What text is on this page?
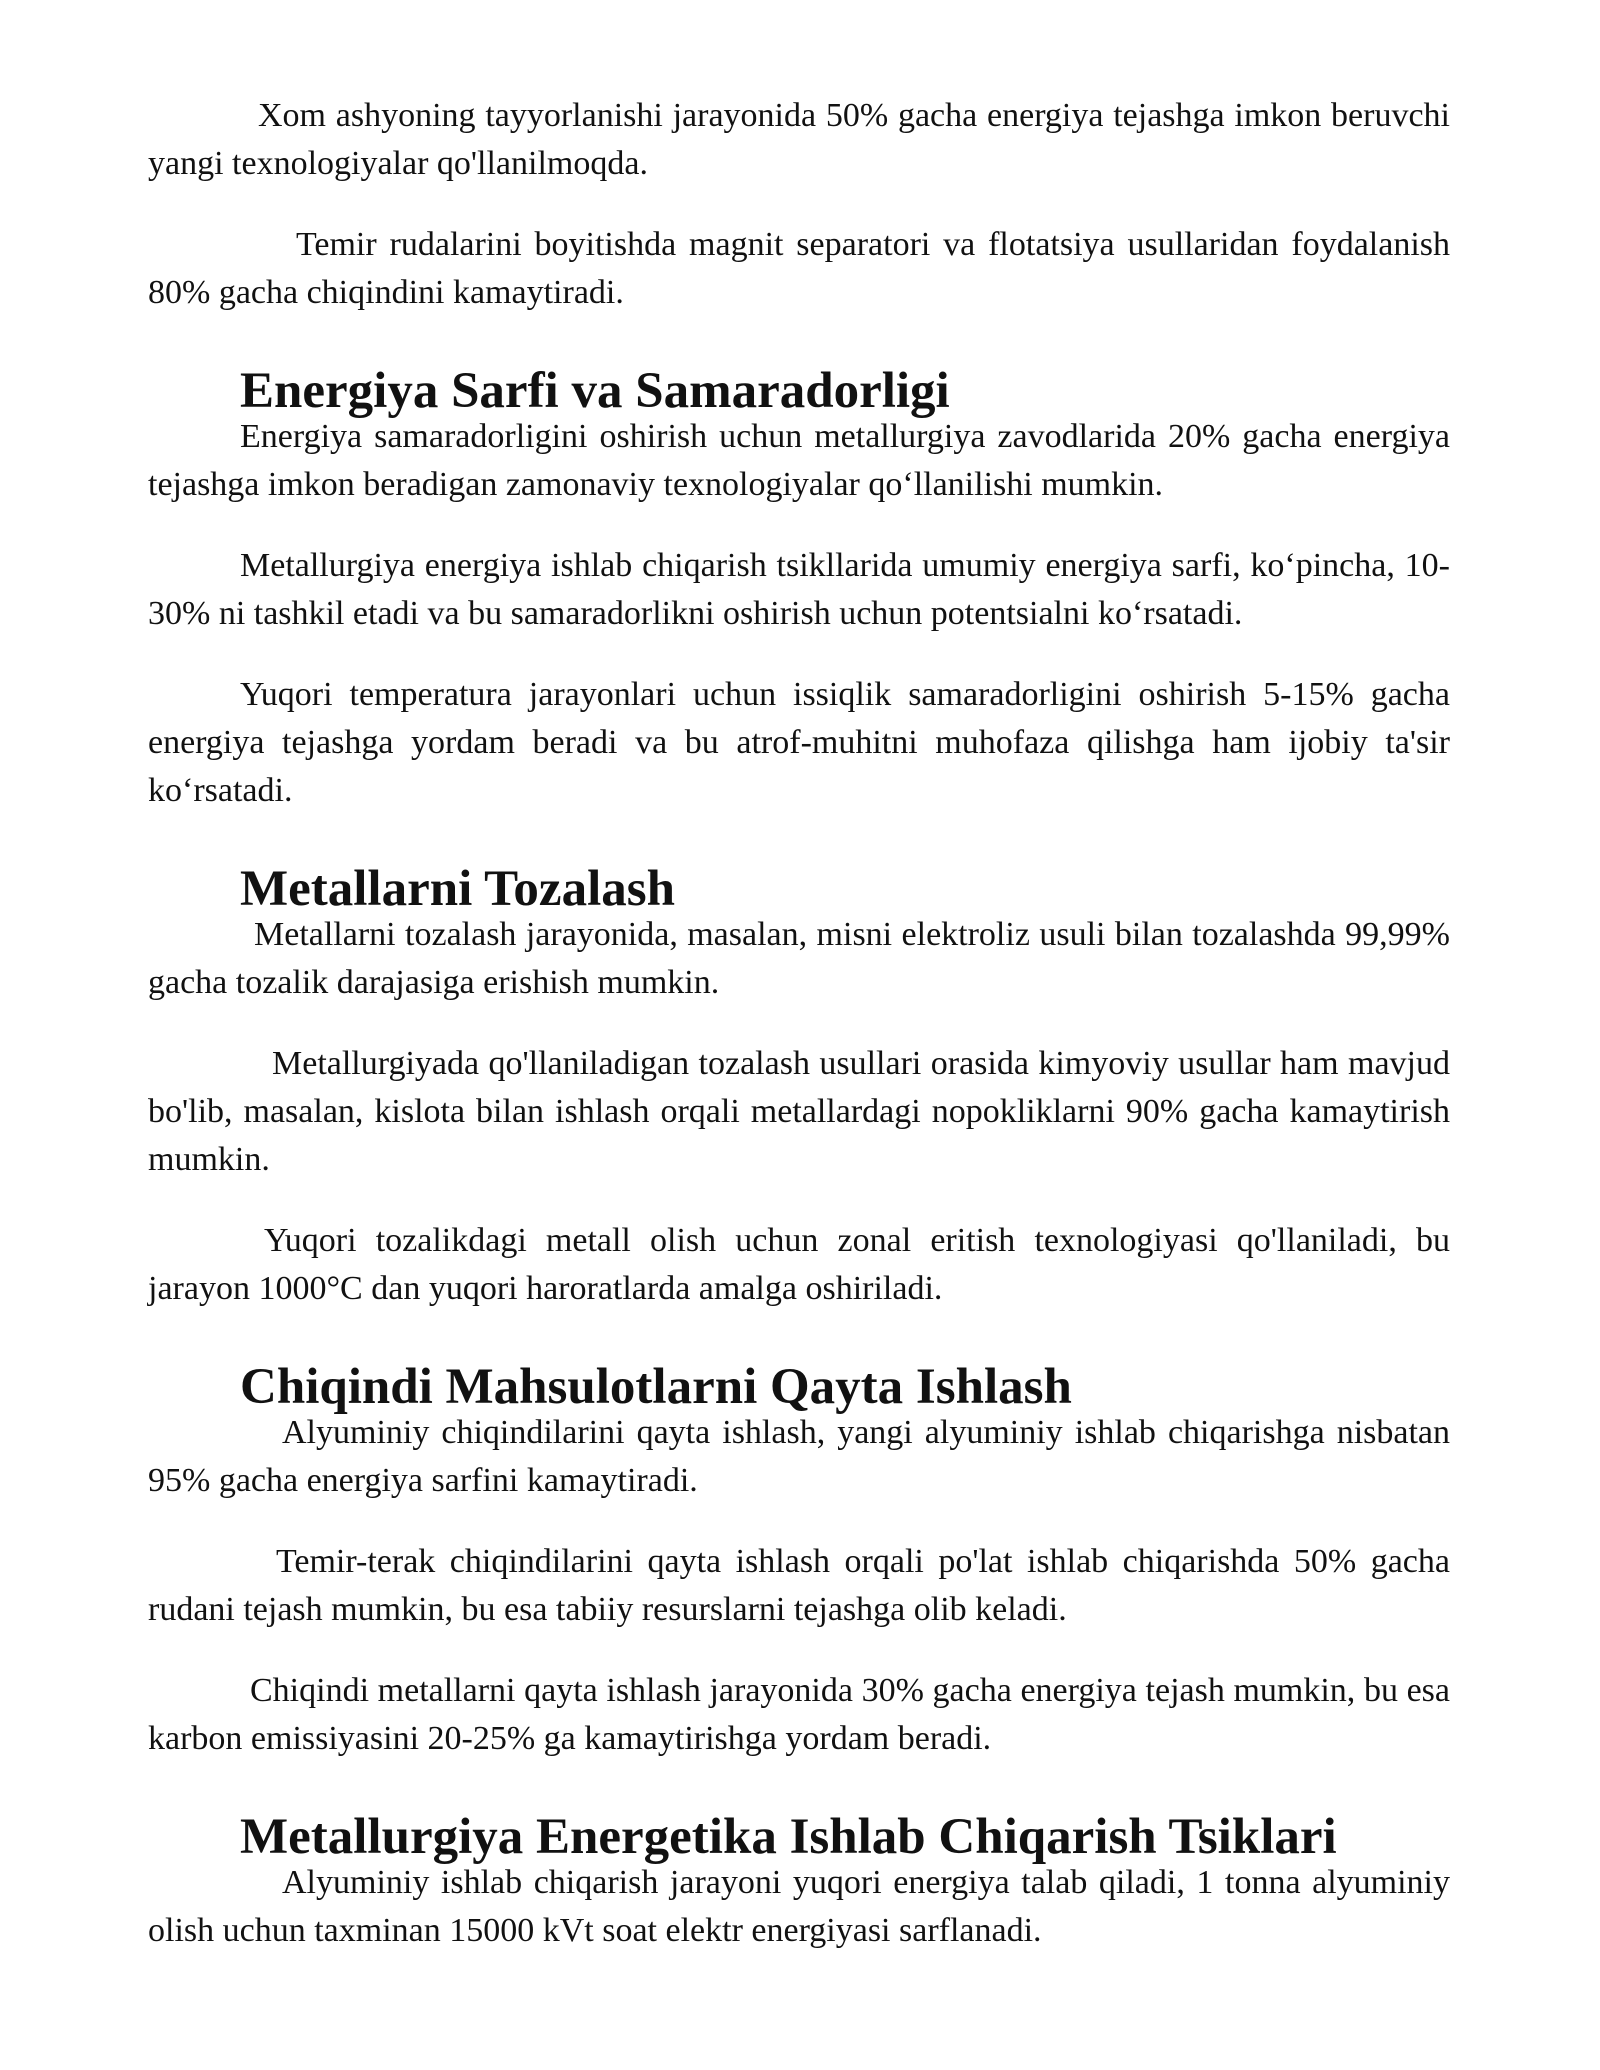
Xom ashyoning tayyorlanishi jarayonida 50% gacha energiya tejashga imkon beruvchi yangi texnologiyalar qo'llanilmoqda.

Temir rudalarini boyitishda magnit separatori va flotatsiya usullaridan foydalanish 80% gacha chiqindini kamaytiradi.

Energiya Sarfi va Samaradorligi

Energiya samaradorligini oshirish uchun metallurgiya zavodlarida 20% gacha energiya tejashga imkon beradigan zamonaviy texnologiyalar qo‘llanilishi mumkin.

Metallurgiya energiya ishlab chiqarish tsikllarida umumiy energiya sarfi, ko‘pincha, 10-30% ni tashkil etadi va bu samaradorlikni oshirish uchun potentsialni ko‘rsatadi.

Yuqori temperatura jarayonlari uchun issiqlik samaradorligini oshirish 5-15% gacha energiya tejashga yordam beradi va bu atrof-muhitni muhofaza qilishga ham ijobiy ta'sir ko‘rsatadi.

Metallarni Tozalash

Metallarni tozalash jarayonida, masalan, misni elektroliz usuli bilan tozalashda 99,99% gacha tozalik darajasiga erishish mumkin.

Metallurgiyada qo'llaniladigan tozalash usullari orasida kimyoviy usullar ham mavjud bo'lib, masalan, kislota bilan ishlash orqali metallardagi nopokliklarni 90% gacha kamaytirish mumkin.

Yuqori tozalikdagi metall olish uchun zonal eritish texnologiyasi qo'llaniladi, bu jarayon 1000°C dan yuqori haroratlarda amalga oshiriladi.

Chiqindi Mahsulotlarni Qayta Ishlash

Alyuminiy chiqindilarini qayta ishlash, yangi alyuminiy ishlab chiqarishga nisbatan 95% gacha energiya sarfini kamaytiradi.

Temir-terak chiqindilarini qayta ishlash orqali po'lat ishlab chiqarishda 50% gacha rudani tejash mumkin, bu esa tabiiy resurslarni tejashga olib keladi.

Chiqindi metallarni qayta ishlash jarayonida 30% gacha energiya tejash mumkin, bu esa karbon emissiyasini 20-25% ga kamaytirishga yordam beradi.

Metallurgiya Energetika Ishlab Chiqarish Tsiklari

Alyuminiy ishlab chiqarish jarayoni yuqori energiya talab qiladi, 1 tonna alyuminiy olish uchun taxminan 15000 kVt soat elektr energiyasi sarflanadi.
